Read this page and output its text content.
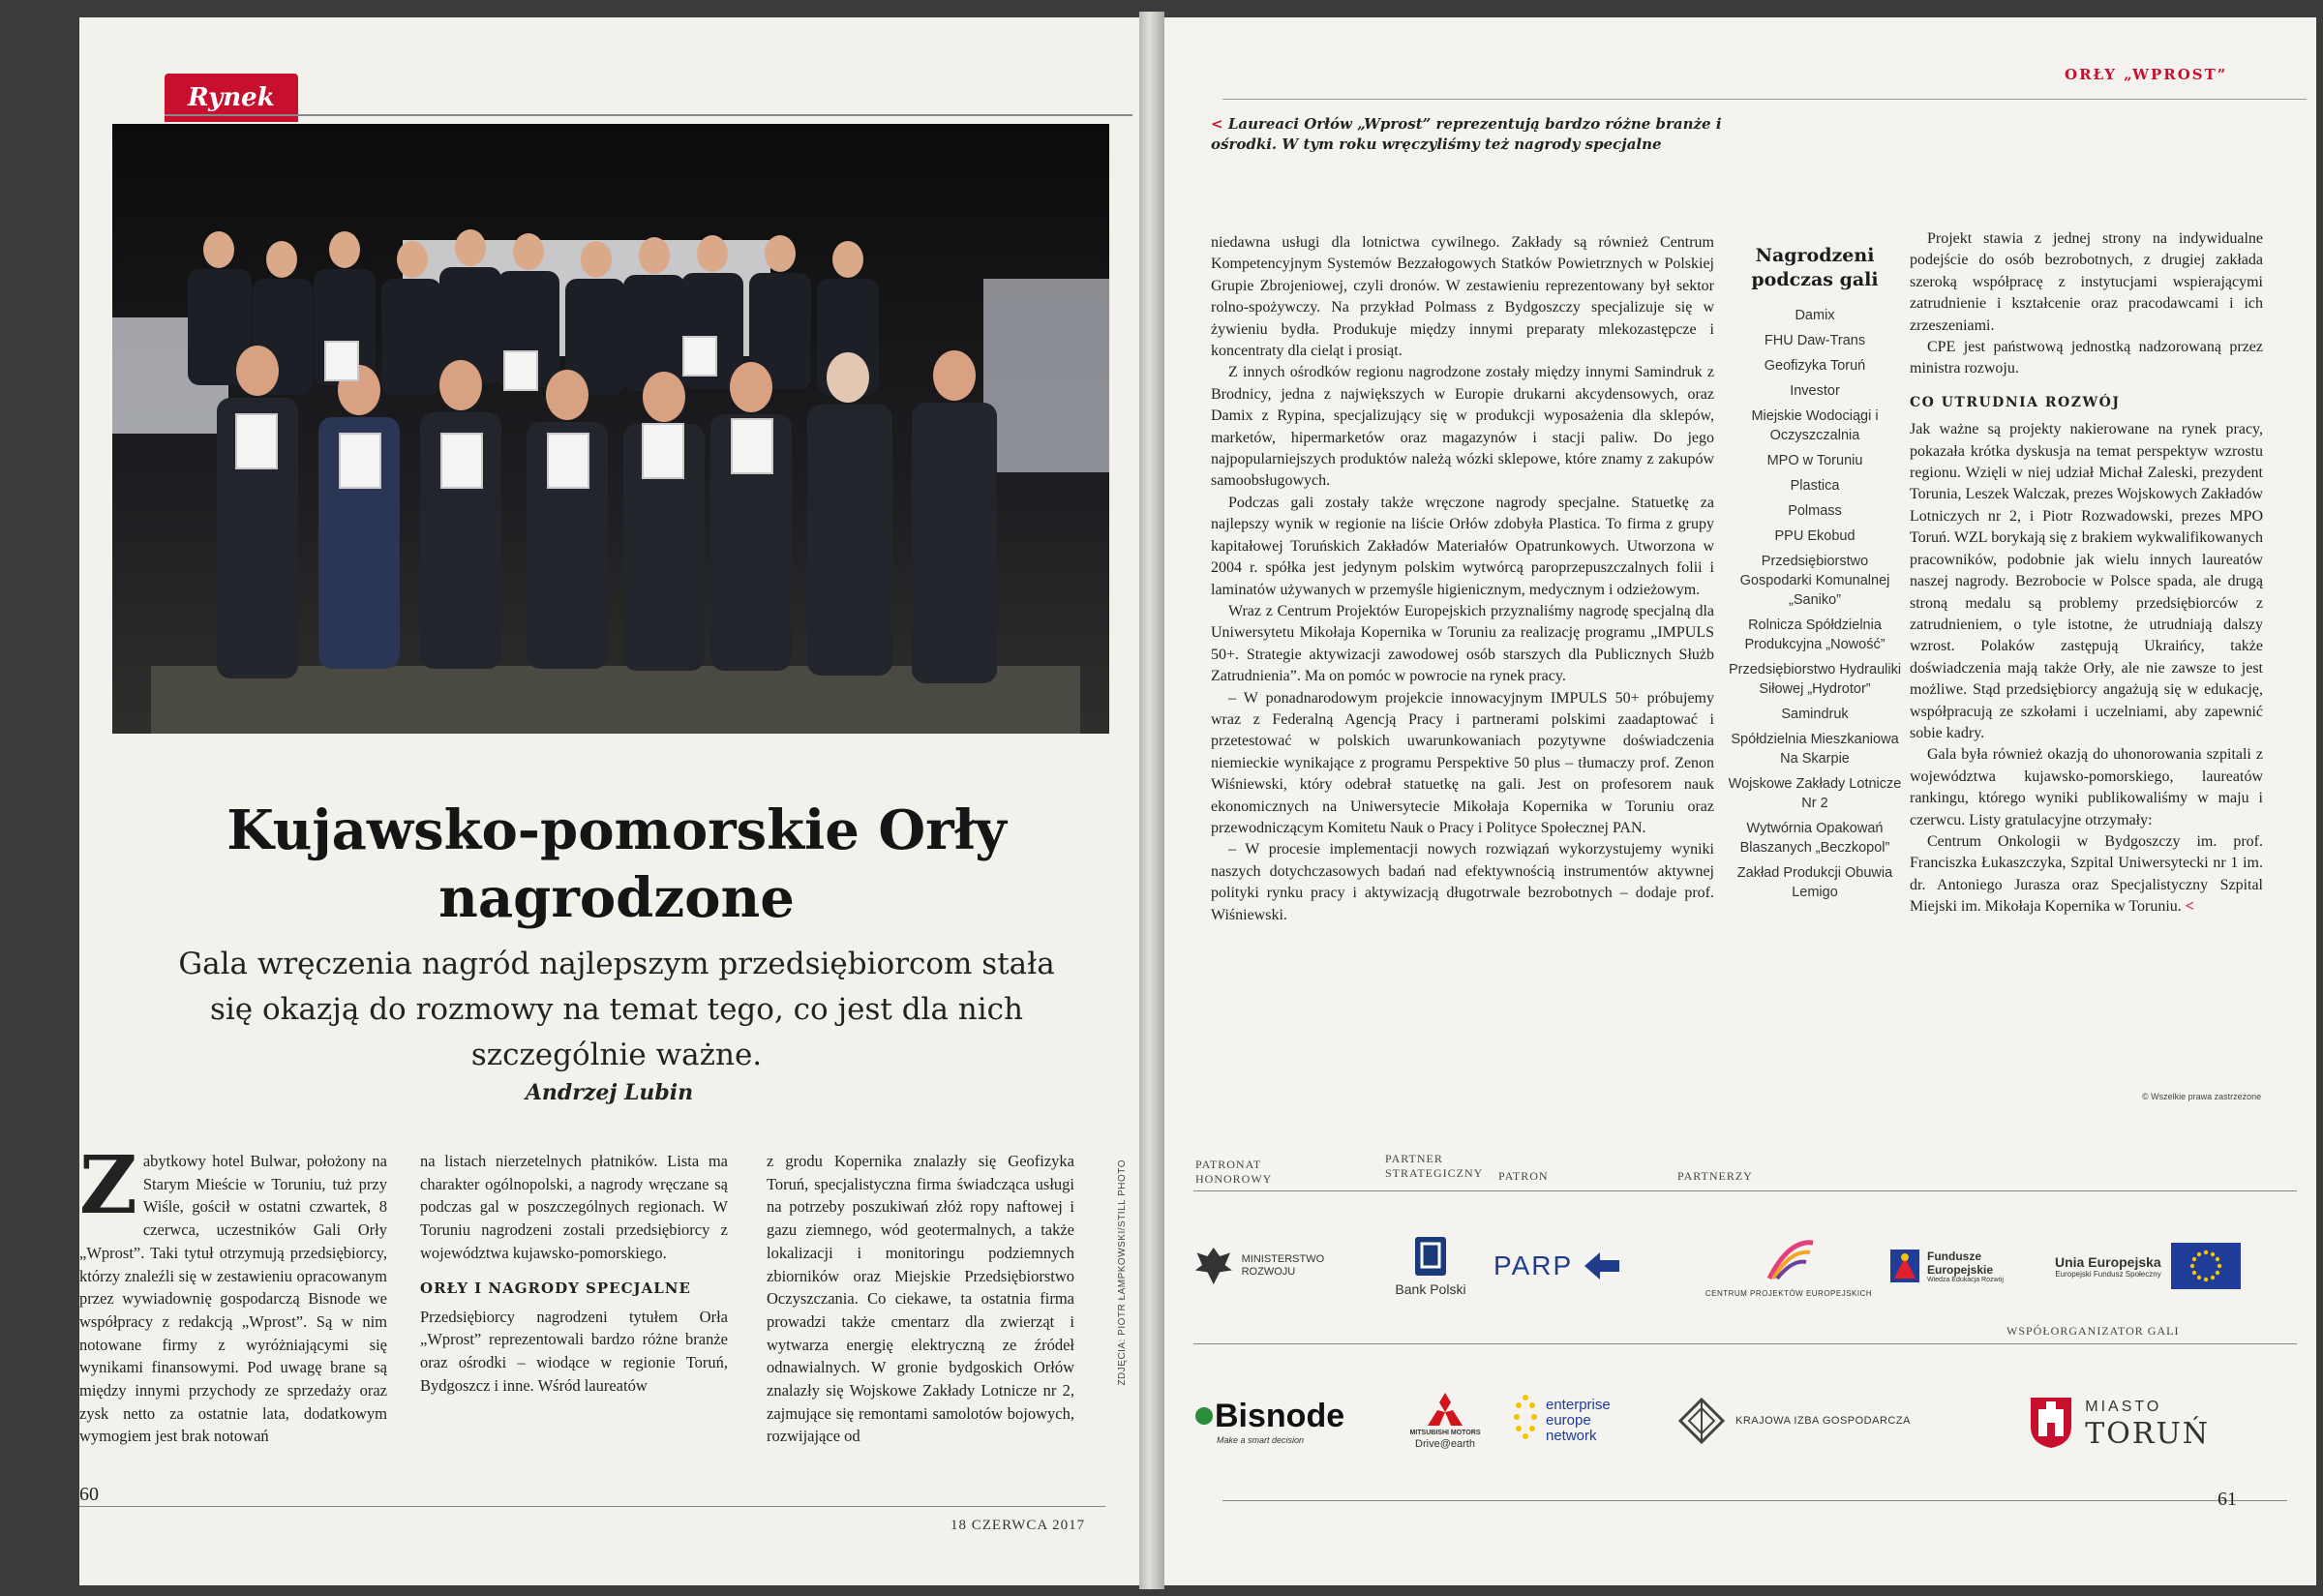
Rynek
Kujawsko-pomorskie Orły nagrodzone

Gala wręczenia nagród najlepszym przedsiębiorcom stała się okazją do rozmowy na temat tego, co jest dla nich szczególnie ważne.

Andrzej Lubin
Zabytkowy hotel Bulwar, położony na Starym Mieście w Toruniu, tuż przy Wiśle, gościł w ostatni czwartek, 8 czerwca, uczestników Gali Orły „Wprost”. Taki tytuł otrzymują przedsiębiorcy, którzy znaleźli się w zestawieniu opracowanym przez wywiadownię gospodarczą Bisnode we współpracy z redakcją „Wprost”. Są w nim notowane firmy z wyróżniającymi się wynikami finansowymi. Pod uwagę brane są między innymi przychody ze sprzedaży oraz zysk netto za ostatnie lata, dodatkowym wymogiem jest brak notowań

na listach nierzetelnych płatników. Lista ma charakter ogólnopolski, a nagrody wręczane są podczas gal w poszczególnych regionach. W Toruniu nagrodzeni zostali przedsiębiorcy z województwa kujawsko-pomorskiego.

ORŁY I NAGRODY SPECJALNE

Przedsiębiorcy nagrodzeni tytułem Orła „Wprost” reprezentowali bardzo różne branże oraz ośrodki – wiodące w regionie Toruń, Bydgoszcz i inne. Wśród laureatów

z grodu Kopernika znalazły się Geofizyka Toruń, specjalistyczna firma świadcząca usługi na potrzeby poszukiwań złóż ropy naftowej i gazu ziemnego, wód geotermalnych, a także lokalizacji i monitoringu podziemnych zbiorników oraz Miejskie Przedsiębiorstwo Oczyszczania. Co ciekawe, ta ostatnia firma prowadzi także cmentarz dla zwierząt i wytwarza energię elektryczną ze źródeł odnawialnych. W gronie bydgoskich Orłów znalazły się Wojskowe Zakłady Lotnicze nr 2, zajmujące się remontami samolotów bojowych, rozwijające od

ZDJĘCIA: PIOTR ŁAMPKOWSKI/STILL PHOTO
60
18 CZERWCA 2017
ORŁY „WPROST”
< Laureaci Orłów „Wprost” reprezentują bardzo różne branże i ośrodki. W tym roku wręczyliśmy też nagrody specjalne

niedawna usługi dla lotnictwa cywilnego. Zakłady są również Centrum Kompetencyjnym Systemów Bezzałogowych Statków Powietrznych w Polskiej Grupie Zbrojeniowej, czyli dronów. W zestawieniu reprezentowany był sektor rolno-spożywczy. Na przykład Polmass z Bydgoszczy specjalizuje się w żywieniu bydła. Produkuje między innymi preparaty mlekozastępcze i koncentraty dla cieląt i prosiąt.

Z innych ośrodków regionu nagrodzone zostały między innymi Samindruk z Brodnicy, jedna z największych w Europie drukarni akcydensowych, oraz Damix z Rypina, specjalizujący się w produkcji wyposażenia dla sklepów, marketów, hipermarketów oraz magazynów i stacji paliw. Do jego najpopularniejszych produktów należą wózki sklepowe, które znamy z zakupów samoobsługowych.

Podczas gali zostały także wręczone nagrody specjalne. Statuetkę za najlepszy wynik w regionie na liście Orłów zdobyła Plastica. To firma z grupy kapitałowej Toruńskich Zakładów Materiałów Opatrunkowych. Utworzona w 2004 r. spółka jest jedynym polskim wytwórcą paroprzepuszczalnych folii i laminatów używanych w przemyśle higienicznym, medycznym i odzieżowym.

Wraz z Centrum Projektów Europejskich przyznaliśmy nagrodę specjalną dla Uniwersytetu Mikołaja Kopernika w Toruniu za realizację programu „IMPULS 50+. Strategie aktywizacji zawodowej osób starszych dla Publicznych Służb Zatrudnienia”. Ma on pomóc w powrocie na rynek pracy.

– W ponadnarodowym projekcie innowacyjnym IMPULS 50+ próbujemy wraz z Federalną Agencją Pracy i partnerami polskimi zaadaptować i przetestować w polskich uwarunkowaniach pozytywne doświadczenia niemieckie wynikające z programu Perspektive 50 plus – tłumaczy prof. Zenon Wiśniewski, który odebrał statuetkę na gali. Jest on profesorem nauk ekonomicznych na Uniwersytecie Mikołaja Kopernika w Toruniu oraz przewodniczącym Komitetu Nauk o Pracy i Polityce Społecznej PAN.

– W procesie implementacji nowych rozwiązań wykorzystujemy wyniki naszych dotychczasowych badań nad efektywnością instrumentów aktywnej polityki rynku pracy i aktywizacją długotrwale bezrobotnych – dodaje prof. Wiśniewski.

Nagrodzeni podczas gali
Damix
FHU Daw-Trans
Geofizyka Toruń
Investor
Miejskie Wodociągi i Oczyszczalnia
MPO w Toruniu
Plastica
Polmass
PPU Ekobud
Przedsiębiorstwo Gospodarki Komunalnej „Saniko”
Rolnicza Spółdzielnia Produkcyjna „Nowość”
Przedsiębiorstwo Hydrauliki Siłowej „Hydrotor”
Samindruk
Spółdzielnia Mieszkaniowa Na Skarpie
Wojskowe Zakłady Lotnicze Nr 2
Wytwórnia Opakowań Blaszanych „Beczkopol”
Zakład Produkcji Obuwia Lemigo

Projekt stawia z jednej strony na indywidualne podejście do osób bezrobotnych, z drugiej zakłada szeroką współpracę z instytucjami wspierającymi zatrudnienie i kształcenie oraz pracodawcami i ich zrzeszeniami.

CPE jest państwową jednostką nadzorowaną przez ministra rozwoju.

CO UTRUDNIA ROZWÓJ

Jak ważne są projekty nakierowane na rynek pracy, pokazała krótka dyskusja na temat perspektyw wzrostu regionu. Wzięli w niej udział Michał Zaleski, prezydent Torunia, Leszek Walczak, prezes Wojskowych Zakładów Lotniczych nr 2, i Piotr Rozwadowski, prezes MPO Toruń. WZL borykają się z brakiem wykwalifikowanych pracowników, podobnie jak wielu innych laureatów naszej nagrody. Bezrobocie w Polsce spada, ale drugą stroną medalu są problemy przedsiębiorców z zatrudnieniem, o tyle istotne, że utrudniają dalszy wzrost. Polaków zastępują Ukraińcy, także doświadczenia mają także Orły, ale nie zawsze to jest możliwe. Stąd przedsiębiorcy angażują się w edukację, współpracują ze szkołami i uczelniami, aby zapewnić sobie kadry.

Gala była również okazją do uhonorowania szpitali z województwa kujawsko-pomorskiego, laureatów rankingu, którego wyniki publikowaliśmy w maju i czerwcu. Listy gratulacyjne otrzymały:

Centrum Onkologii w Bydgoszczy im. prof. Franciszka Łukaszczyka, Szpital Uniwersytecki nr 1 im. dr. Antoniego Jurasza oraz Specjalistyczny Szpital Miejski im. Mikołaja Kopernika w Toruniu. <

© Wszelkie prawa zastrzeżone
PATRONAT HONOROWY
PARTNER STRATEGICZNY	PATRON	PARTNERZY
MINISTERSTWO ROZWOJU
Bank Polski
PARP
CENTRUM PROJEKTÓW EUROPEJSKICH
Fundusze Europejskie
Wiedza Edukacja Rozwój
Unia Europejska
Europejski Fundusz Społeczny
WSPÓŁORGANIZATOR GALI
Bisnode
Make a smart decision
MITSUBISHI MOTORS
Drive@earth
enterprise europe network
KRAJOWA IZBA GOSPODARCZA
MIASTO
TORUŃ
61
